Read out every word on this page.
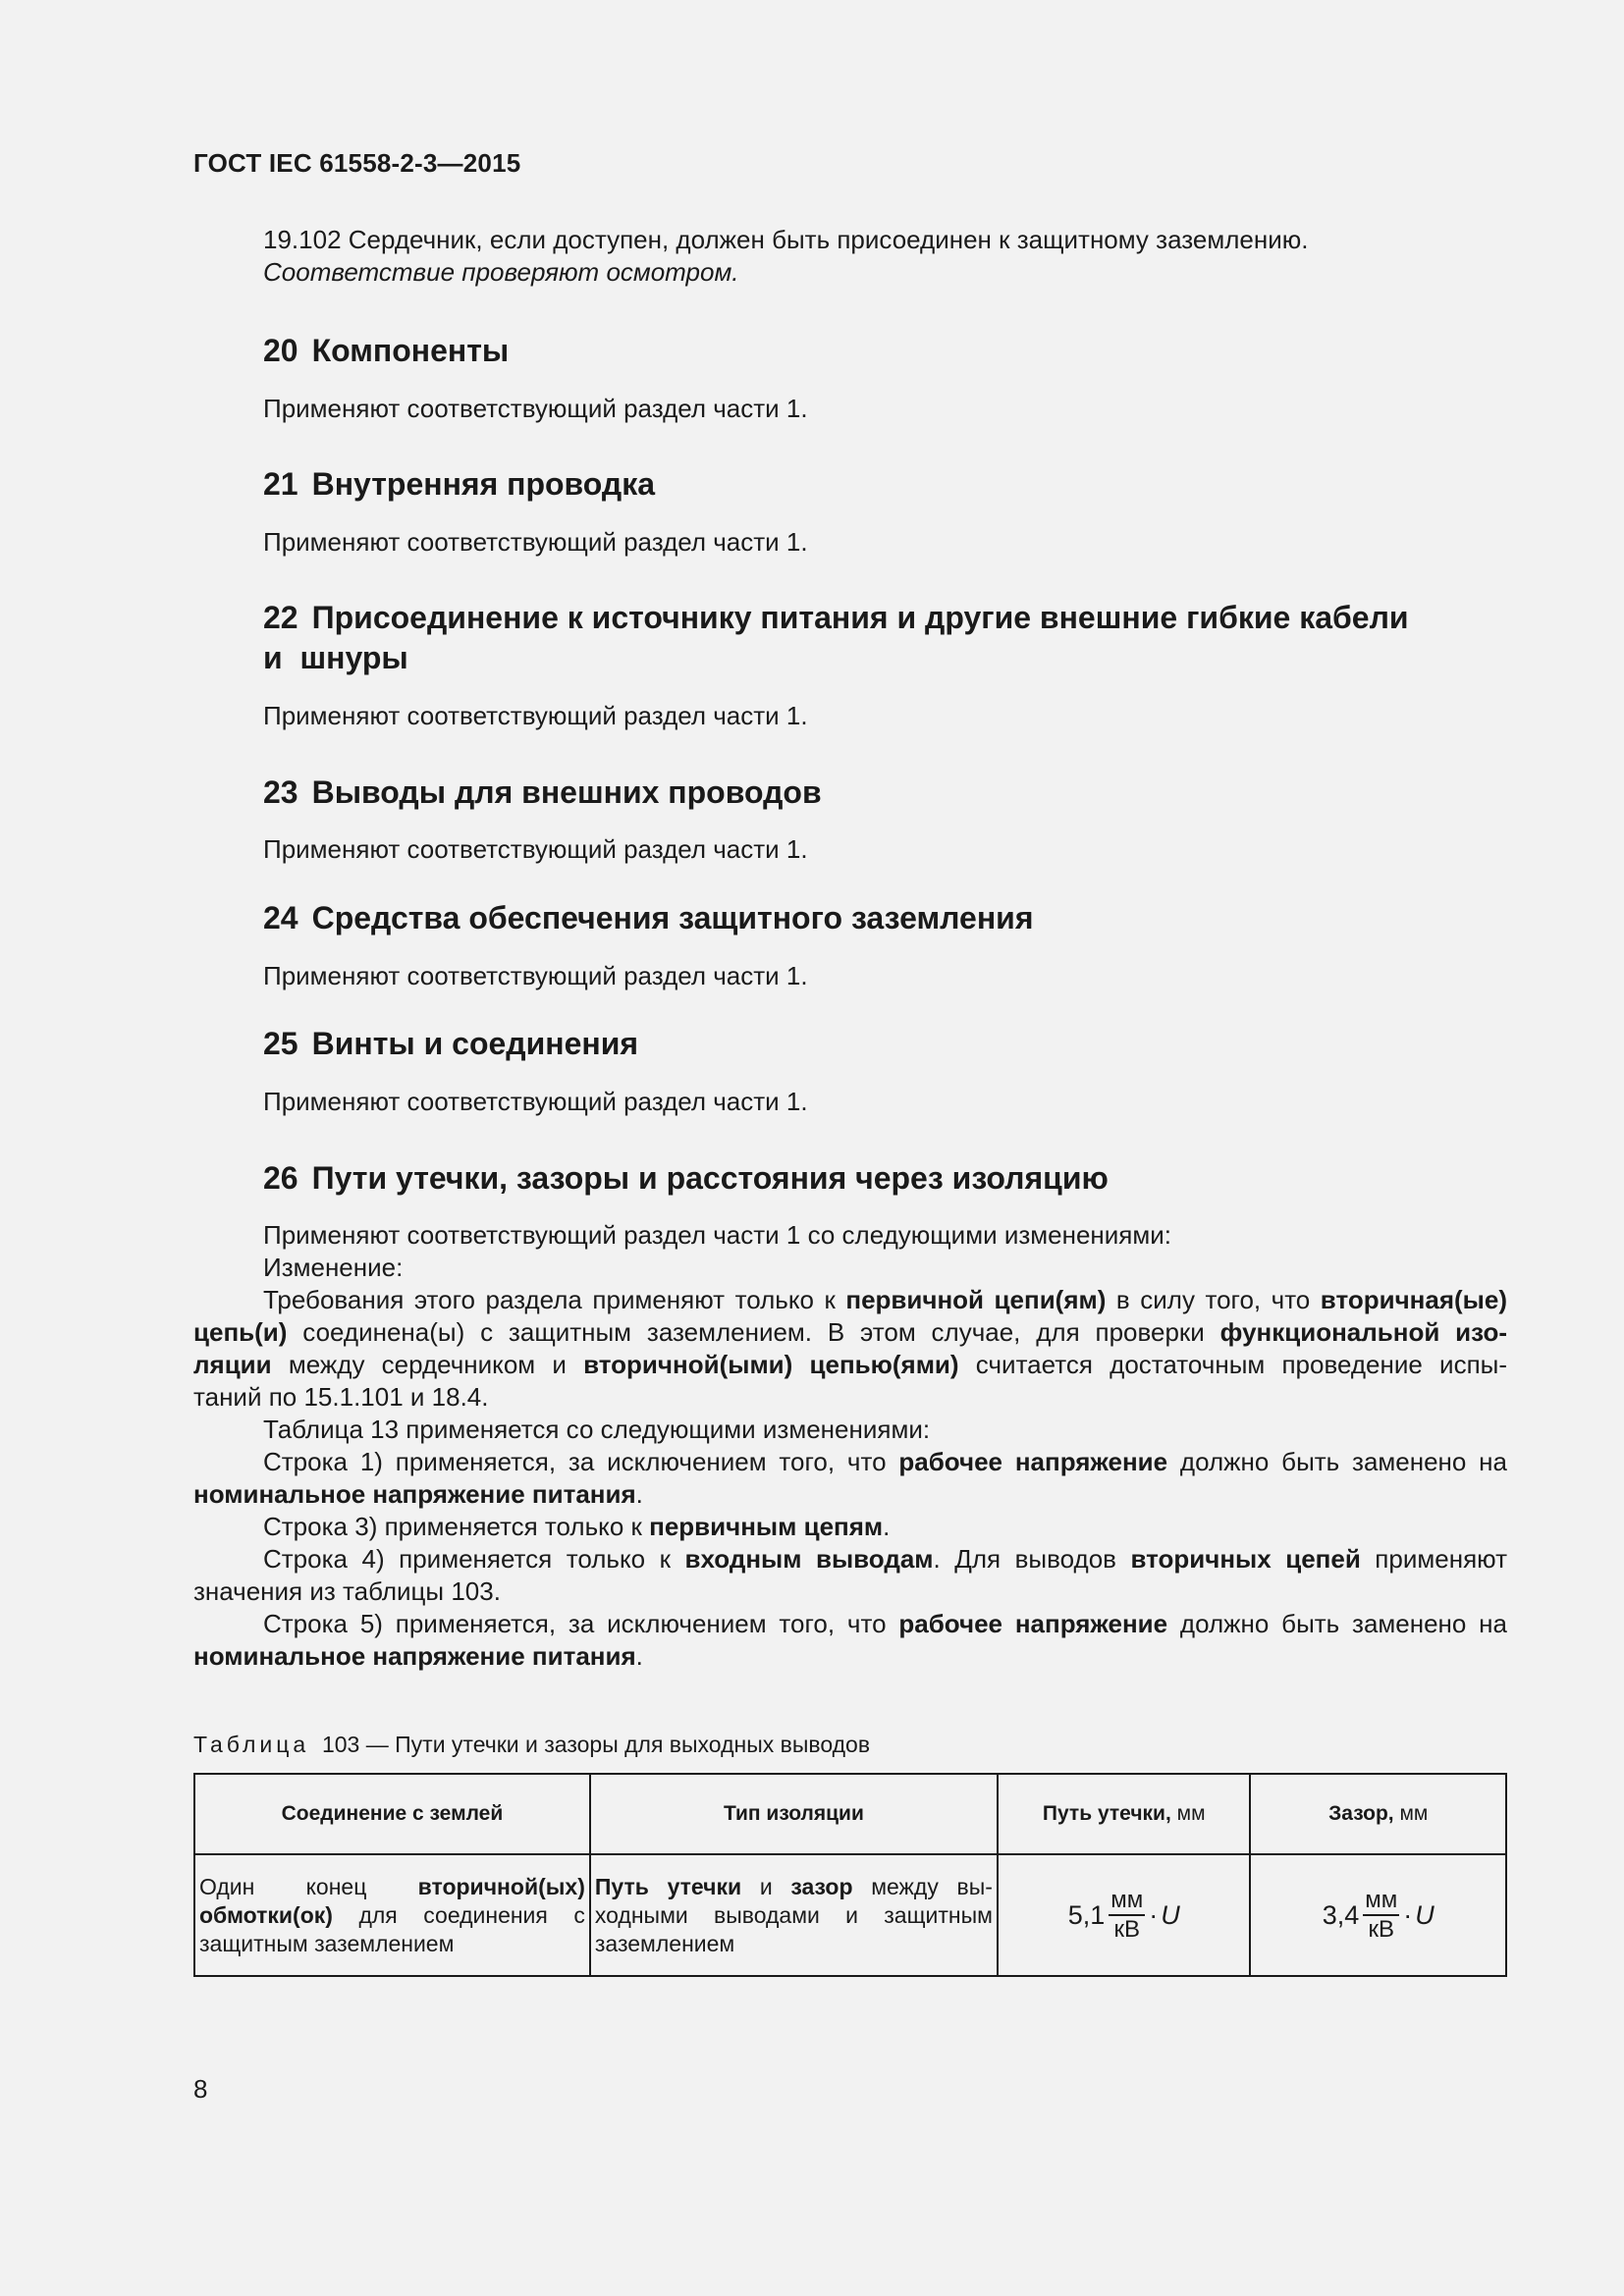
ГОСТ IEC 61558-2-3—2015
19.102 Сердечник, если доступен, должен быть присоединен к защитному заземлению.
Соответствие проверяют осмотром.
20 Компоненты
Применяют соответствующий раздел части 1.
21 Внутренняя проводка
Применяют соответствующий раздел части 1.
22 Присоединение к источнику питания и другие внешние гибкие кабели
и  шнуры
Применяют соответствующий раздел части 1.
23 Выводы для внешних проводов
Применяют соответствующий раздел части 1.
24 Средства обеспечения защитного заземления
Применяют соответствующий раздел части 1.
25 Винты и соединения
Применяют соответствующий раздел части 1.
26 Пути утечки, зазоры и расстояния через изоляцию
Применяют соответствующий раздел части 1 со следующими изменениями:
Изменение:
Требования этого раздела применяют только к первичной цепи(ям) в силу того, что вторичная(ые)
цепь(и) соединена(ы) с защитным заземлением. В этом случае, для проверки функциональной изо-
ляции между сердечником и вторичной(ыми) цепью(ями) считается достаточным проведение испы-
таний по 15.1.101 и 18.4.
Таблица 13 применяется со следующими изменениями:
Строка 1) применяется, за исключением того, что рабочее напряжение должно быть заменено на
номинальное напряжение питания.
Строка 3) применяется только к первичным цепям.
Строка 4) применяется только к входным выводам. Для выводов вторичных цепей применяют
значения из таблицы 103.
Строка 5) применяется, за исключением того, что рабочее напряжение должно быть заменено на
номинальное напряжение питания.
Таблица 103 — Пути утечки и зазоры для выходных выводов
Соединение с землей	Тип изоляции	Путь утечки, мм	Зазор, мм
Один      конец      вторичной(ых) обмотки(ок) для соединения с защитным заземлением	Путь утечки и зазор между выходными выводами и защитным заземлением	$5,1 \frac{мм}{кВ} \cdot U$	$3,4 \frac{мм}{кВ} \cdot U$
8
